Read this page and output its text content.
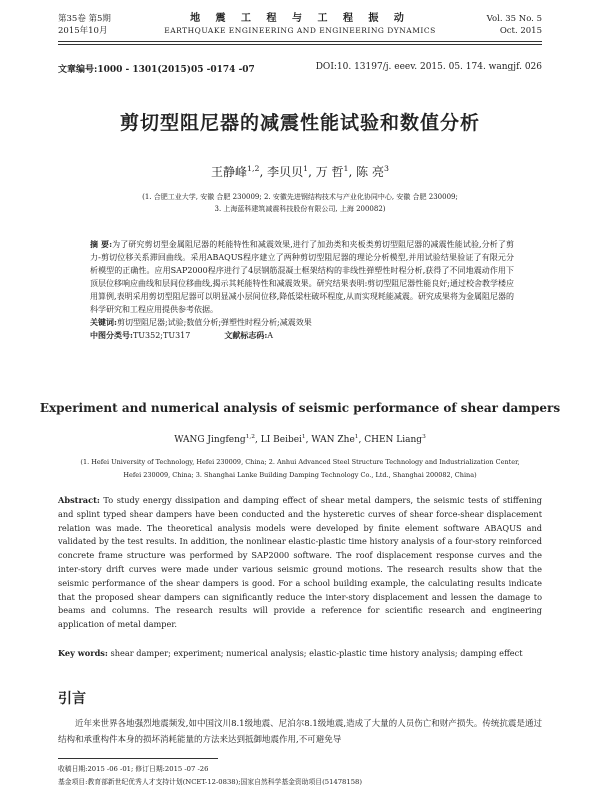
第35卷 第5期
2015年10月
地 震 工 程 与 工 程 振 动
EARTHQUAKE ENGINEERING AND ENGINEERING DYNAMICS
Vol. 35 No. 5
Oct. 2015
文章编号:1000 - 1301(2015)05 -0174 -07	DOI:10. 13197/j. eeev. 2015. 05. 174. wangjf. 026
剪切型阻尼器的减震性能试验和数值分析
王静峰$^{1,2}$, 李贝贝$^1$, 万 哲$^1$, 陈 亮$^3$
(1. 合肥工业大学, 安徽 合肥 230009; 2. 安徽先进钢结构技术与产业化协同中心, 安徽 合肥 230009;
3. 上海蓝科建筑减震科技股份有限公司, 上海 200082)
摘 要:为了研究剪切型金属阻尼器的耗能特性和减震效果,进行了加劲类和夹板类剪切型阻尼器的减震性能试验,分析了剪力-剪切位移关系滞回曲线。采用ABAQUS程序建立了两种剪切型阻尼器的理论分析模型,并用试验结果验证了有限元分析模型的正确性。应用SAP2000程序进行了4层钢筋混凝土框架结构的非线性弹塑性时程分析,获得了不同地震动作用下顶层位移响应曲线和层间位移曲线,揭示其耗能特性和减震效果。研究结果表明:剪切型阻尼器性能良好;通过校舍教学楼应用算例,表明采用剪切型阻尼器可以明显减小层间位移,降低梁柱破坏程度,从而实现耗能减震。研究成果将为金属阻尼器的科学研究和工程应用提供参考依据。
关键词:剪切型阻尼器;试验;数值分析;弹塑性时程分析;减震效果
中图分类号:TU352;TU317	文献标志码:A
Experiment and numerical analysis of seismic performance of shear dampers
WANG Jingfeng$^{1,2}$, LI Beibei$^1$, WAN Zhe$^1$, CHEN Liang$^3$
(1. Hefei University of Technology, Hefei 230009, China; 2. Anhui Advanced Steel Structure Technology and Industrialization Center,
Hefei 230009, China; 3. Shanghai Lanke Building Damping Technology Co., Ltd., Shanghai 200082, China)
Abstract: To study energy dissipation and damping effect of shear metal dampers, the seismic tests of stiffening and splint typed shear dampers have been conducted and the hysteretic curves of shear force-shear displacement relation was made. The theoretical analysis models were developed by finite element software ABAQUS and validated by the test results. In addition, the nonlinear elastic-plastic time history analysis of a four-story reinforced concrete frame structure was performed by SAP2000 software. The roof displacement response curves and the inter-story drift curves were made under various seismic ground motions. The research results show that the seismic performance of the shear dampers is good. For a school building example, the calculating results indicate that the proposed shear dampers can significantly reduce the inter-story displacement and lessen the damage to beams and columns. The research results will provide a reference for scientific research and engineering application of metal damper.
Key words: shear damper; experiment; numerical analysis; elastic-plastic time history analysis; damping effect
引言
近年来世界各地强烈地震频发,如中国汶川8.1级地震、尼泊尔8.1级地震,造成了大量的人员伤亡和财产损失。传统抗震是通过结构和承重构件本身的损坏消耗能量的方法来达到抵御地震作用,不可避免导
收稿日期:2015 -06 -01; 修订日期:2015 -07 -26
基金项目:教育部新世纪优秀人才支持计划(NCET-12-0838);国家自然科学基金资助项目(51478158)
